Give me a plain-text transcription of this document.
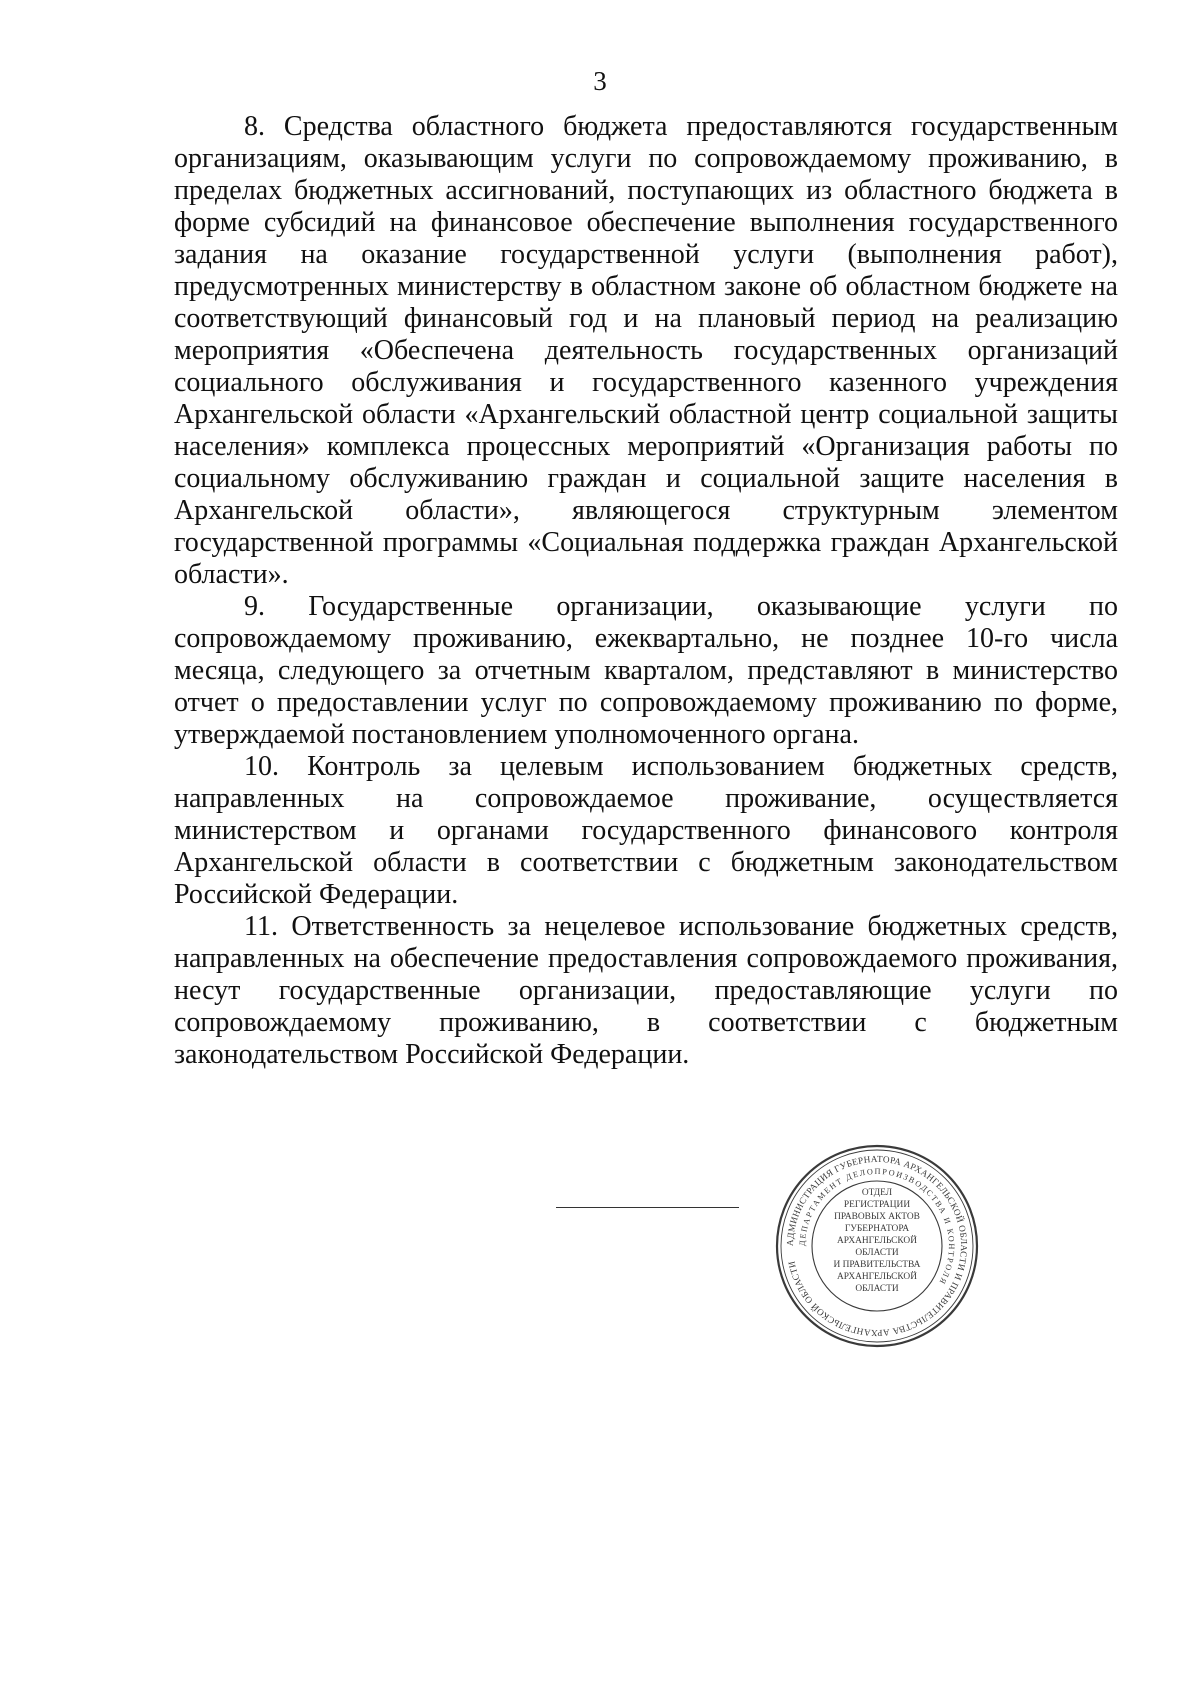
3

8. Средства областного бюджета предоставляются государственным организациям, оказывающим услуги по сопровождаемому проживанию, в пределах бюджетных ассигнований, поступающих из областного бюджета в форме субсидий на финансовое обеспечение выполнения государственного задания на оказание государственной услуги (выполнения работ), предусмотренных министерству в областном законе об областном бюджете на соответствующий финансовый год и на плановый период на реализацию мероприятия «Обеспечена деятельность государственных организаций социального обслуживания и государственного казенного учреждения Архангельской области «Архангельский областной центр социальной защиты населения» комплекса процессных мероприятий «Организация работы по социальному обслуживанию граждан и социальной защите населения в Архангельской области», являющегося структурным элементом государственной программы «Социальная поддержка граждан Архангельской области».

9. Государственные организации, оказывающие услуги по сопровождаемому проживанию, ежеквартально, не позднее 10-го числа месяца, следующего за отчетным кварталом, представляют в министерство отчет о предоставлении услуг по сопровождаемому проживанию по форме, утверждаемой постановлением уполномоченного органа.

10. Контроль за целевым использованием бюджетных средств, направленных на сопровождаемое проживание, осуществляется министерством и органами государственного финансового контроля Архангельской области в соответствии с бюджетным законодательством Российской Федерации.

11. Ответственность за нецелевое использование бюджетных средств, направленных на обеспечение предоставления сопровождаемого проживания, несут государственные организации, предоставляющие услуги по сопровождаемому проживанию, в соответствии с бюджетным законодательством Российской Федерации.

АДМИНИСТРАЦИЯ ГУБЕРНАТОРА АРХАНГЕЛЬСКОЙ ОБЛАСТИ И ПРАВИТЕЛЬСТВА АРХАНГЕЛЬСКОЙ ОБЛАСТИ
ДЕПАРТАМЕНТ ДЕЛОПРОИЗВОДСТВА И КОНТРОЛЯ
ОТДЕЛ
РЕГИСТРАЦИИ
ПРАВОВЫХ АКТОВ
ГУБЕРНАТОРА
АРХАНГЕЛЬСКОЙ
ОБЛАСТИ
И ПРАВИТЕЛЬСТВА
АРХАНГЕЛЬСКОЙ
ОБЛАСТИ
